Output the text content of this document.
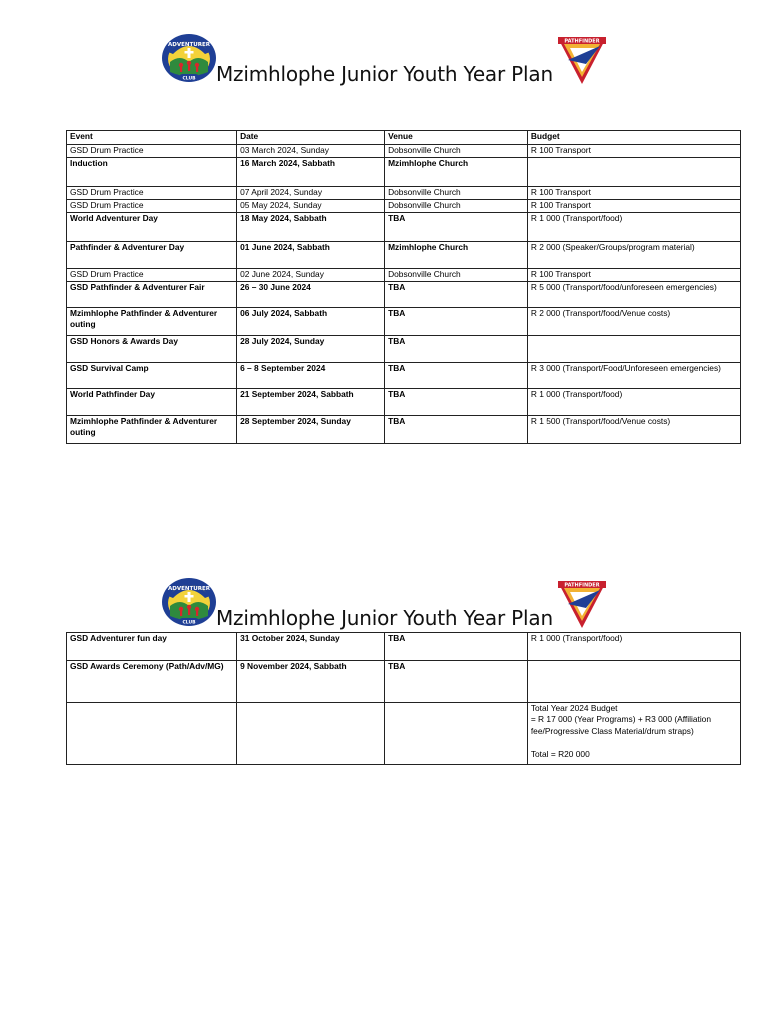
ADVENTURER
CLUB Mzimhlophe Junior Youth Year Plan
PATHFINDER
Event	Date	Venue	Budget
GSD Drum Practice	03 March 2024, Sunday	Dobsonville Church	R 100 Transport
Induction	16 March 2024, Sabbath	Mzimhlophe Church	
GSD Drum Practice	07 April 2024, Sunday	Dobsonville Church	R 100 Transport
GSD Drum Practice	05 May 2024, Sunday	Dobsonville Church	R 100 Transport
World Adventurer Day	18 May 2024, Sabbath	TBA	R 1 000 (Transport/food)
Pathfinder & Adventurer Day	01 June 2024, Sabbath	Mzimhlophe Church	R 2 000 (Speaker/Groups/program material)
GSD Drum Practice	02 June 2024, Sunday	Dobsonville Church	R 100 Transport
GSD Pathfinder & Adventurer Fair	26 – 30 June 2024	TBA	R 5 000 (Transport/food/unforeseen emergencies)
Mzimhlophe Pathfinder & Adventurer outing	06 July 2024, Sabbath	TBA	R 2 000 (Transport/food/Venue costs)
GSD Honors & Awards Day	28 July 2024, Sunday	TBA	
GSD Survival Camp	6 – 8 September 2024	TBA	R 3 000 (Transport/Food/Unforeseen emergencies)
World Pathfinder Day	21 September 2024, Sabbath	TBA	R 1 000 (Transport/food)
Mzimhlophe Pathfinder & Adventurer outing	28 September 2024, Sunday	TBA	R 1 500 (Transport/food/Venue costs)
ADVENTURER
CLUB Mzimhlophe Junior Youth Year Plan
PATHFINDER
GSD Adventurer fun day	31 October 2024, Sunday	TBA	R 1 000 (Transport/food)
GSD Awards Ceremony (Path/Adv/MG)	9 November 2024, Sabbath	TBA	

			Total Year 2024 Budget
= R 17 000 (Year Programs) + R3 000 (Affiliation fee/Progressive Class Material/drum straps)
Total = R20 000
